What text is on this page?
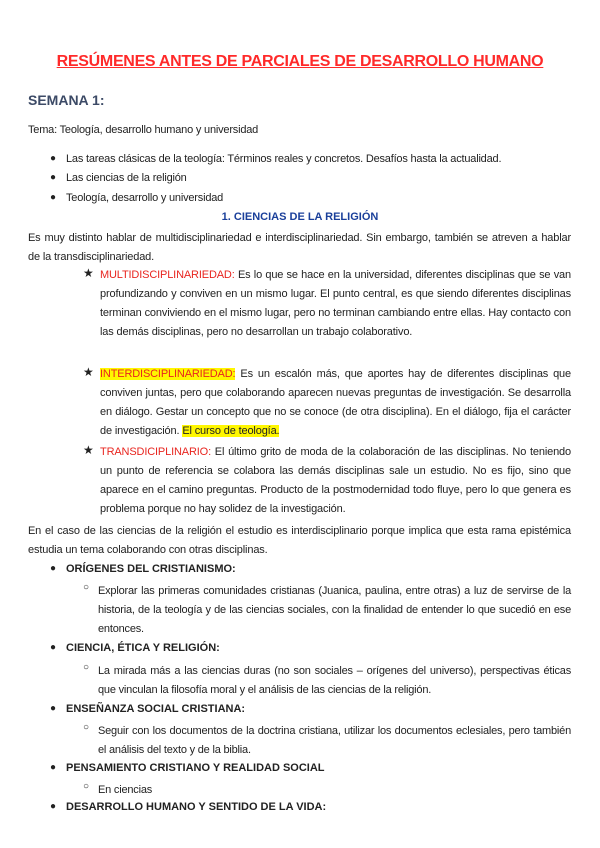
RESÚMENES ANTES DE PARCIALES DE DESARROLLO HUMANO
SEMANA 1:
Tema: Teología, desarrollo humano y universidad
● Las tareas clásicas de la teología: Términos reales y concretos. Desafíos hasta la actualidad.
● Las ciencias de la religión
● Teología, desarrollo y universidad
1. CIENCIAS DE LA RELIGIÓN
Es muy distinto hablar de multidisciplinariedad e interdisciplinariedad. Sin embargo, también se atreven a hablar de la transdisciplinariedad.
★ MULTIDISCIPLINARIEDAD: Es lo que se hace en la universidad, diferentes disciplinas que se van profundizando y conviven en un mismo lugar. El punto central, es que siendo diferentes disciplinas terminan conviviendo en el mismo lugar, pero no terminan cambiando entre ellas. Hay contacto con las demás disciplinas, pero no desarrollan un trabajo colaborativo.
★ INTERDISCIPLINARIEDAD: Es un escalón más, que aportes hay de diferentes disciplinas que conviven juntas, pero que colaborando aparecen nuevas preguntas de investigación. Se desarrolla en diálogo. Gestar un concepto que no se conoce (de otra disciplina). En el diálogo, fija el carácter de investigación. El curso de teología.
★ TRANSDICIPLINARIO: El último grito de moda de la colaboración de las disciplinas. No teniendo un punto de referencia se colabora las demás disciplinas sale un estudio. No es fijo, sino que aparece en el camino preguntas. Producto de la postmodernidad todo fluye, pero lo que genera es problema porque no hay solidez de la investigación.
En el caso de las ciencias de la religión el estudio es interdisciplinario porque implica que esta rama epistémica estudia un tema colaborando con otras disciplinas.
● ORÍGENES DEL CRISTIANISMO:
○ Explorar las primeras comunidades cristianas (Juanica, paulina, entre otras) a luz de servirse de la historia, de la teología y de las ciencias sociales, con la finalidad de entender lo que sucedió en ese entonces.
● CIENCIA, ÉTICA Y RELIGIÓN:
○ La mirada más a las ciencias duras (no son sociales – orígenes del universo), perspectivas éticas que vinculan la filosofía moral y el análisis de las ciencias de la religión.
● ENSEÑANZA SOCIAL CRISTIANA:
○ Seguir con los documentos de la doctrina cristiana, utilizar los documentos eclesiales, pero también el análisis del texto y de la biblia.
● PENSAMIENTO CRISTIANO Y REALIDAD SOCIAL
○ En ciencias
● DESARROLLO HUMANO Y SENTIDO DE LA VIDA:
